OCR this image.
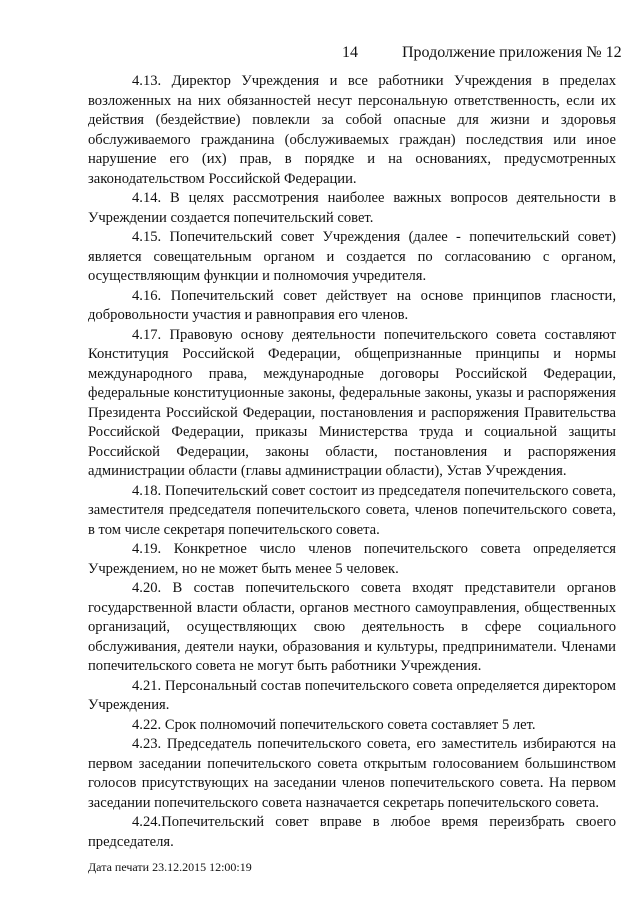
14	Продолжение приложения № 12

4.13. Директор Учреждения и все работники Учреждения в пределах возложенных на них обязанностей несут персональную ответственность, если их действия (бездействие) повлекли за собой опасные для жизни и здоровья обслуживаемого гражданина (обслуживаемых граждан) последствия или иное нарушение его (их) прав, в порядке и на основаниях, предусмотренных законодательством Российской Федерации.

4.14. В целях рассмотрения наиболее важных вопросов деятельности в Учреждении создается попечительский совет.

4.15. Попечительский совет Учреждения (далее - попечительский совет) является совещательным органом и создается по согласованию с органом, осуществляющим функции и полномочия учредителя.

4.16. Попечительский совет действует на основе принципов гласности, добровольности участия и равноправия его членов.

4.17. Правовую основу деятельности попечительского совета составляют Конституция Российской Федерации, общепризнанные принципы и нормы международного права, международные договоры Российской Федерации, федеральные конституционные законы, федеральные законы, указы и распоряжения Президента Российской Федерации, постановления и распоряжения Правительства Российской Федерации, приказы Министерства труда и социальной защиты Российской Федерации, законы области, постановления и распоряжения администрации области (главы администрации области), Устав Учреждения.

4.18. Попечительский совет состоит из председателя попечительского совета, заместителя председателя попечительского совета, членов попечительского совета, в том числе секретаря попечительского совета.

4.19. Конкретное число членов попечительского совета определяется Учреждением, но не может быть менее 5 человек.

4.20. В состав попечительского совета входят представители органов государственной власти области, органов местного самоуправления, общественных организаций, осуществляющих свою деятельность в сфере социального обслуживания, деятели науки, образования и культуры, предприниматели. Членами попечительского совета не могут быть работники Учреждения.

4.21. Персональный состав попечительского совета определяется директором Учреждения.

4.22. Срок полномочий попечительского совета составляет 5 лет.

4.23. Председатель попечительского совета, его заместитель избираются на первом заседании попечительского совета открытым голосованием большинством голосов присутствующих на заседании членов попечительского совета. На первом заседании попечительского совета назначается секретарь попечительского совета.

4.24.Попечительский совет вправе в любое время переизбрать своего председателя.

Дата печати 23.12.2015 12:00:19
